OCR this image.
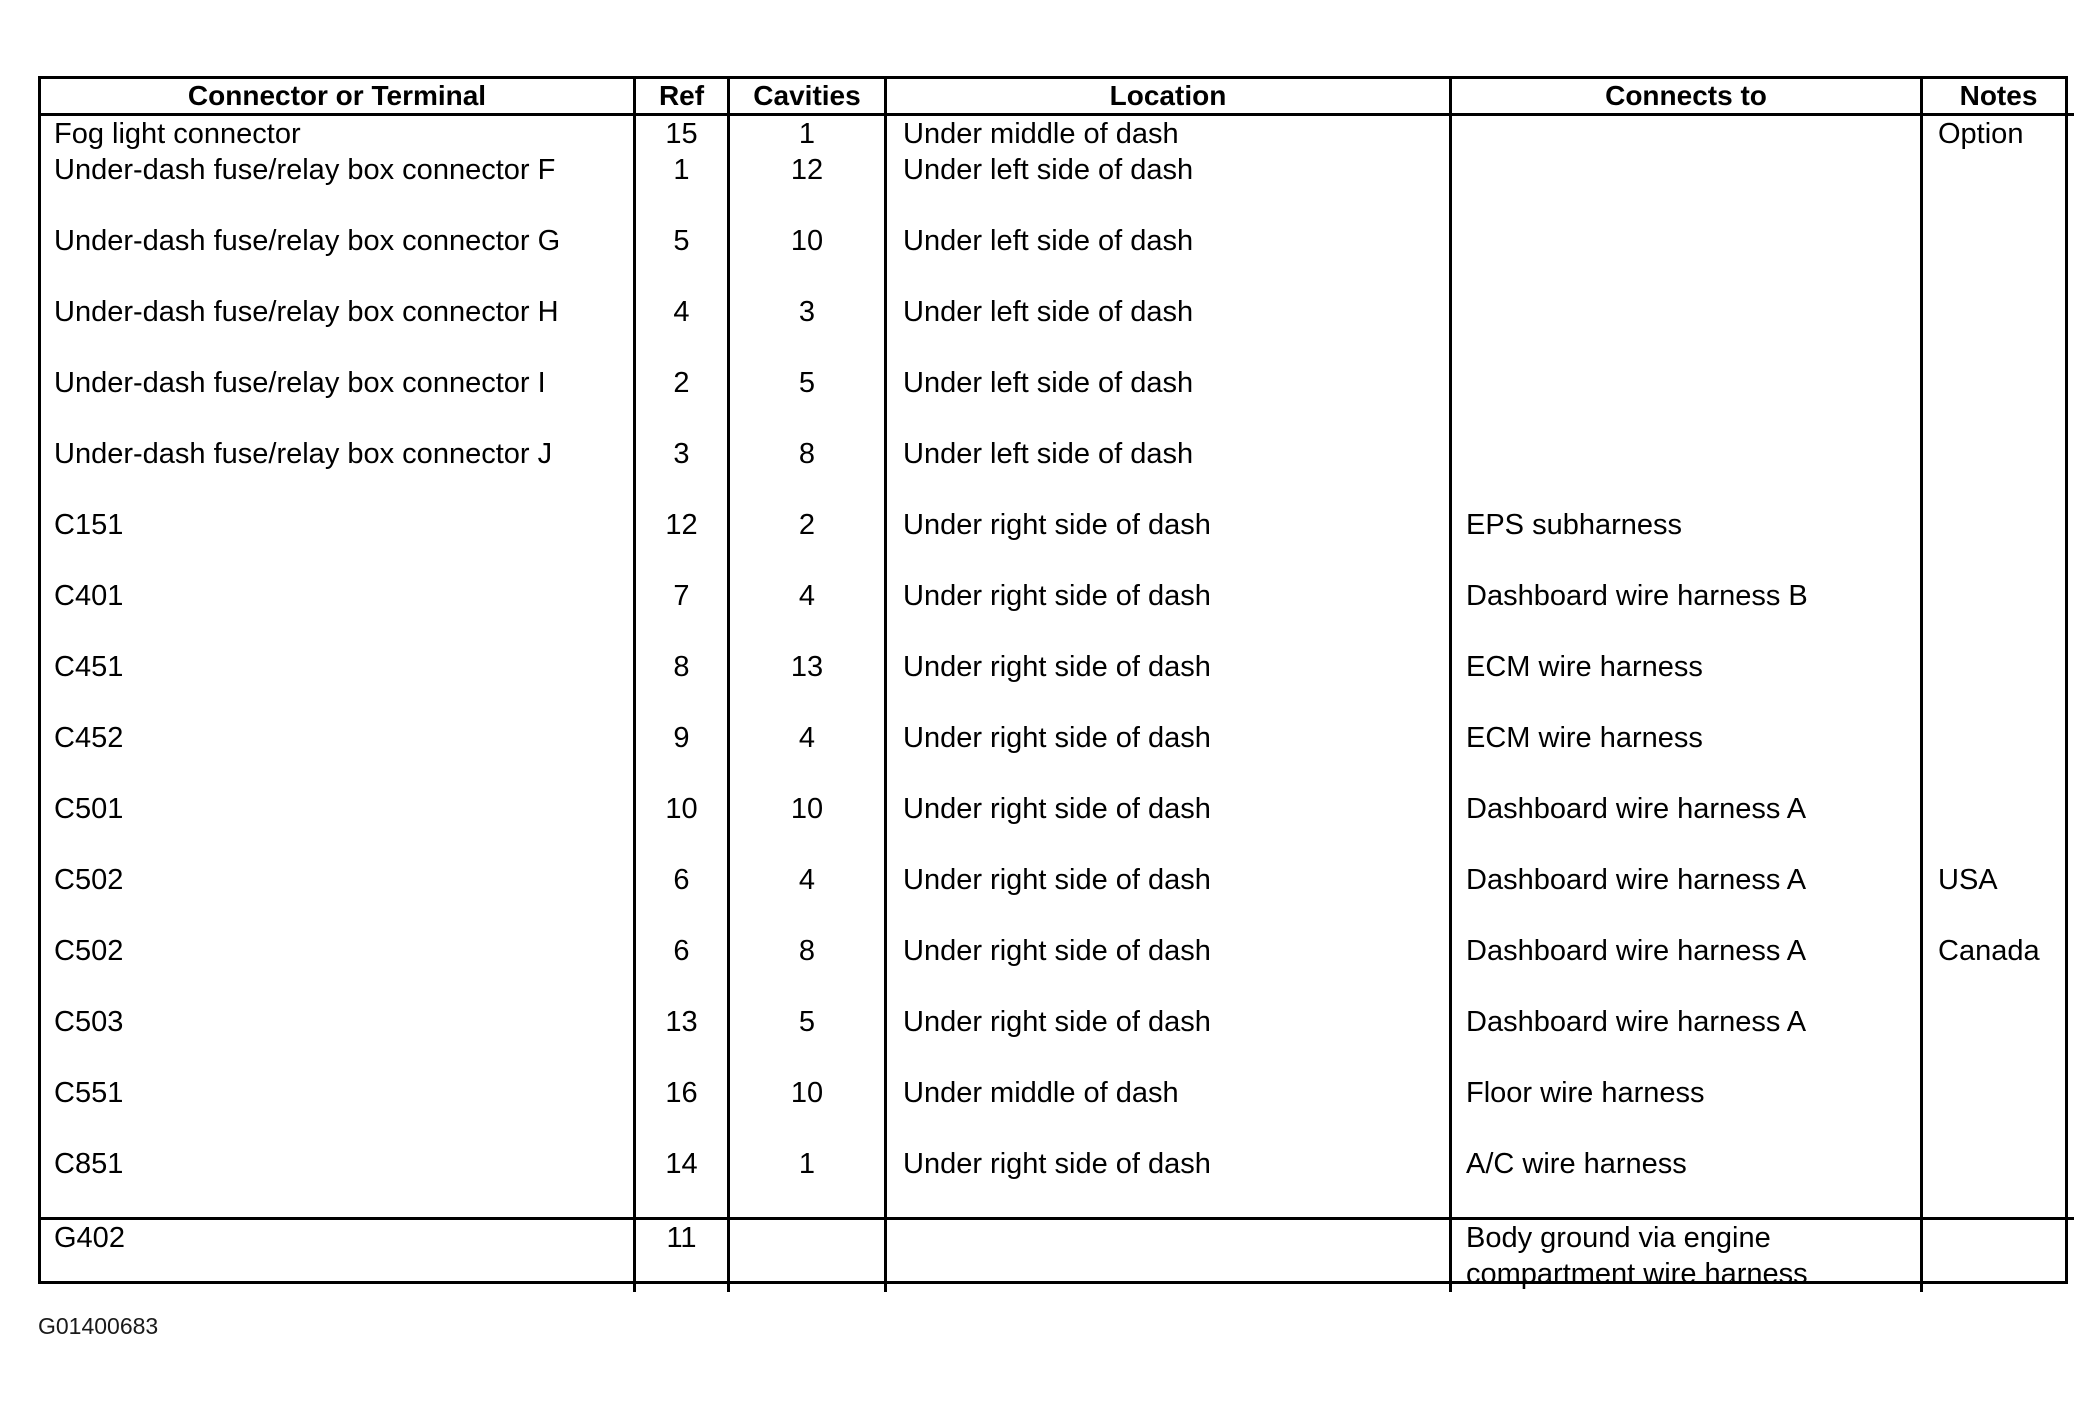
Connector or Terminal	Ref	Cavities	Location	Connects to	Notes

Fog light connector	15	1	Under middle of dash		Option

Under-dash fuse/relay box connector F	1	12	Under left side of dash		

Under-dash fuse/relay box connector G	5	10	Under left side of dash		

Under-dash fuse/relay box connector H	4	3	Under left side of dash		

Under-dash fuse/relay box connector I	2	5	Under left side of dash		

Under-dash fuse/relay box connector J	3	8	Under left side of dash		

C151	12	2	Under right side of dash	EPS subharness	

C401	7	4	Under right side of dash	Dashboard wire harness B	

C451	8	13	Under right side of dash	ECM wire harness	

C452	9	4	Under right side of dash	ECM wire harness	

C501	10	10	Under right side of dash	Dashboard wire harness A	

C502	6	4	Under right side of dash	Dashboard wire harness A	USA

C502	6	8	Under right side of dash	Dashboard wire harness A	Canada

C503	13	5	Under right side of dash	Dashboard wire harness A	

C551	16	10	Under middle of dash	Floor wire harness	

C851	14	1	Under right side of dash	A/C wire harness	

G402	11			Body ground via engine compartment wire harness	

G01400683
